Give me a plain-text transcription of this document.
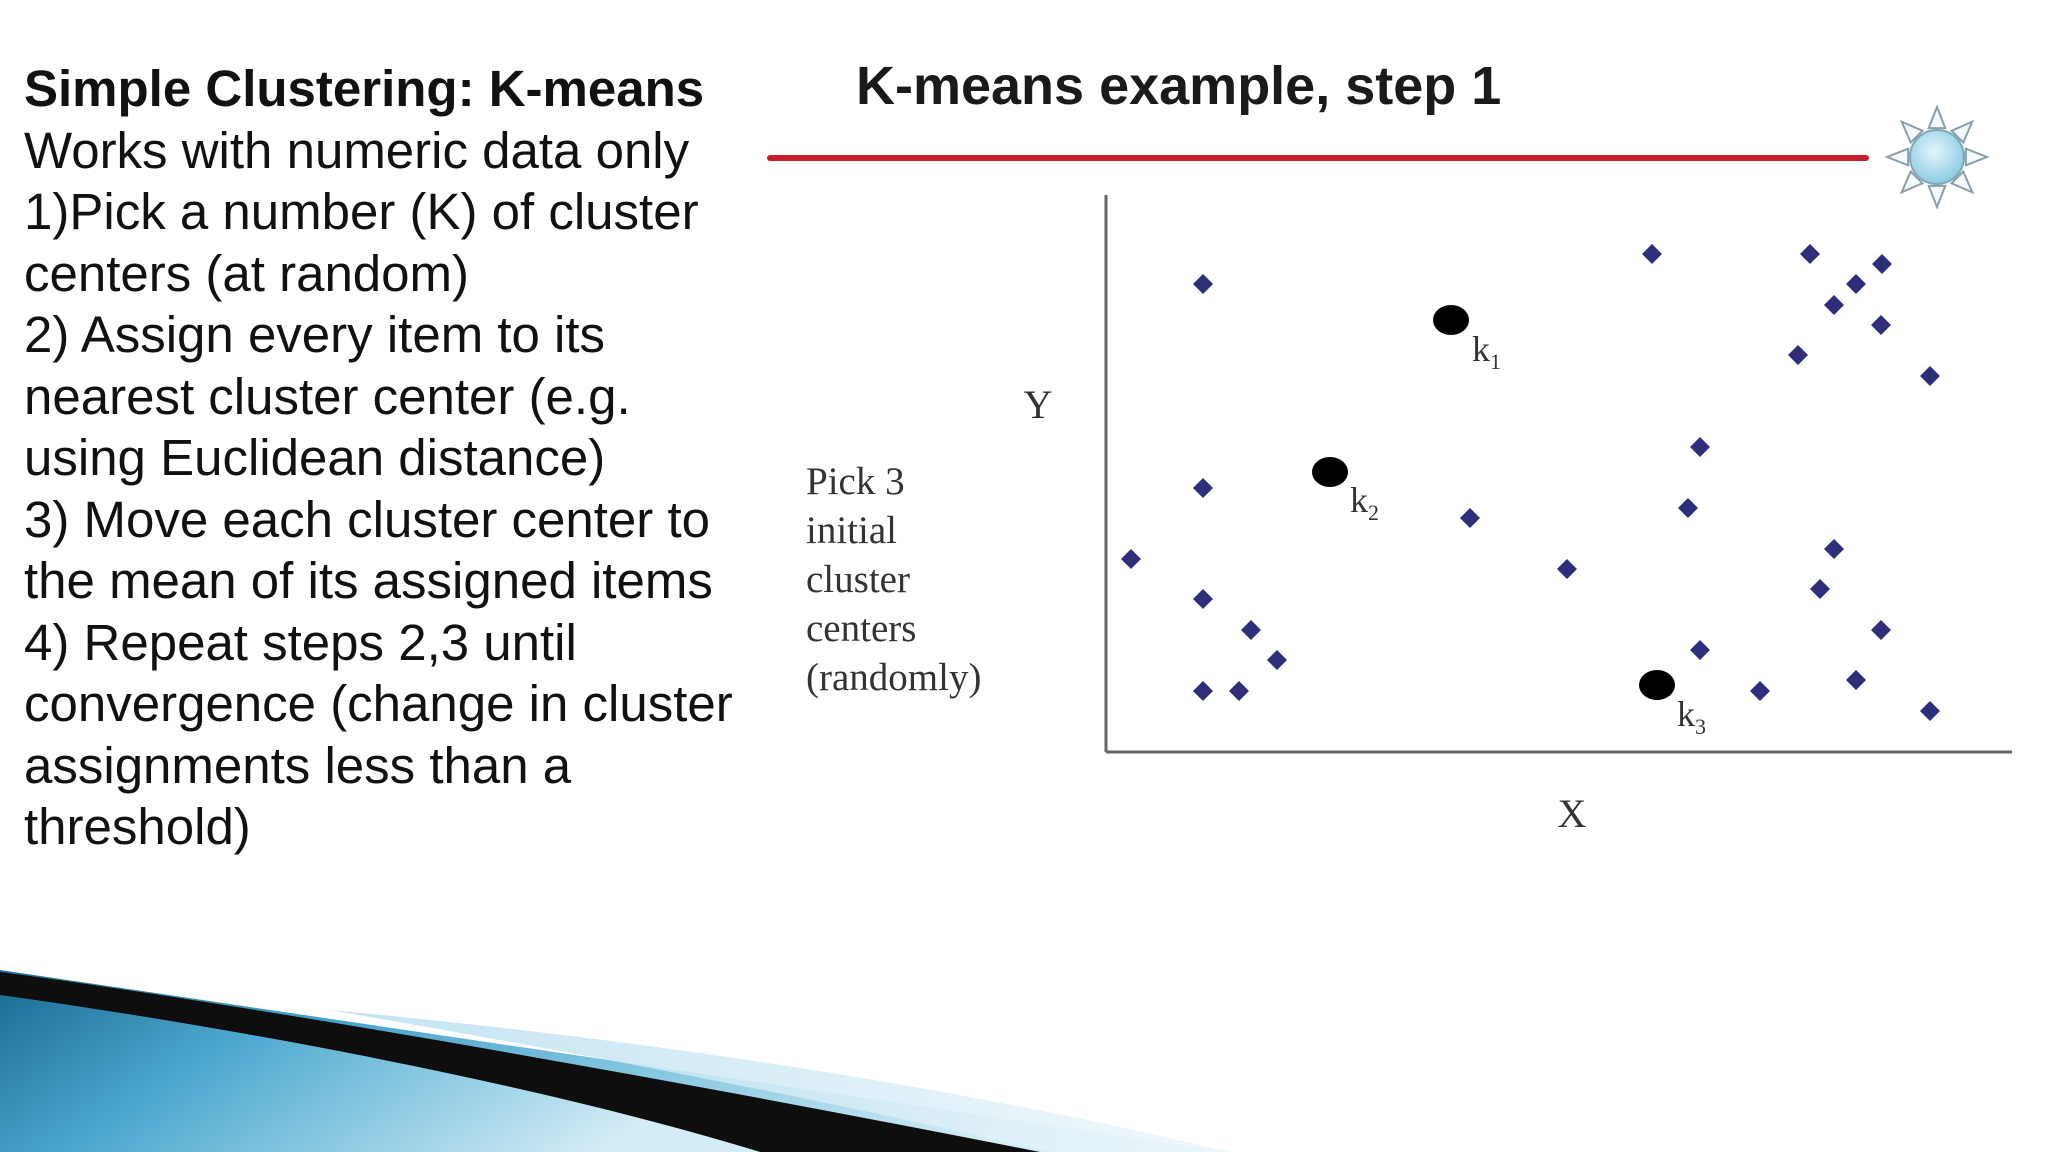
Simple Clustering: K-means
Works with numeric data only
1)Pick a number (K) of cluster
centers (at random)
2) Assign every item to its
nearest cluster center (e.g.
using Euclidean distance)
3) Move each cluster center to
the mean of its assigned items
4) Repeat steps 2,3 until
convergence (change in cluster
assignments less than a
threshold)
K-means example, step 1
Y
X
Pick 3
initial
cluster
centers
(randomly)
$k_1$
$k_2$
$k_3$
